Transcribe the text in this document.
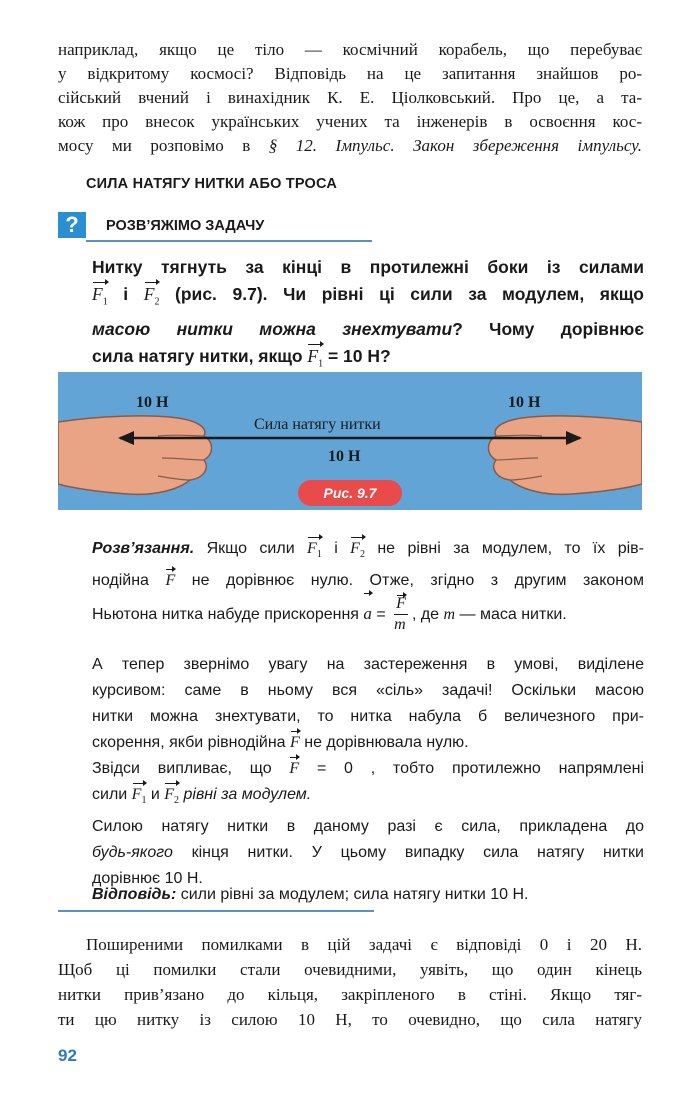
наприклад, якщо це тіло — космічний корабель, що перебуває
у відкритому космосі? Відповідь на це запитання знайшов ро-
сійський вчений і винахідник К. Е. Ціолковський. Про це, а та-
кож про внесок українських учених та інженерів в освоєння кос-
мосу ми розповімо в § 12. Імпульс. Закон збереження імпульсу.
СИЛА НАТЯГУ НИТКИ АБО ТРОСА
?	РОЗВ’ЯЖІМО ЗАДАЧУ
Нитку тягнуть за кінці в протилежні боки із силами
$F_1$ і $F_2$ (рис. 9.7). Чи рівні ці сили за модулем, якщо
масою нитки можна знехтувати? Чому дорівнює
сила натягу нитки, якщо $F_1 = 10$ Н?
10 Н	10 Н
Сила натягу нитки
10 Н
Рис. 9.7
Розв’язання. Якщо сили $F_1$ і $F_2$ не рівні за модулем, то їх рів-
нодійна F не дорівнює нулю. Отже, згідно з другим законом
Ньютона нитка набуде прискорення $a = \frac{F}{m}$ , де m — маса нитки.
А тепер звернімо увагу на застереження в умові, виділене
курсивом: саме в ньому вся «сіль» задачі! Оскільки масою
нитки можна знехтувати, то нитка набула б величезного при-
скорення, якби рівнодійна F не дорівнювала нулю.
Звідси випливає, що F = 0 , тобто протилежно напрямлені
сили $F_1$ и $F_2$ рівні за модулем.
Силою натягу нитки в даному разі є сила, прикладена до
будь-якого кінця нитки. У цьому випадку сила натягу нитки
дорівнює 10 Н.
Відповідь: сили рівні за модулем; сила натягу нитки 10 Н.
Поширеними помилками в цій задачі є відповіді 0 і 20 Н.
Щоб ці помилки стали очевидними, уявіть, що один кінець
нитки прив’язано до кільця, закріпленого в стіні. Якщо тяг-
ти цю нитку із силою 10 Н, то очевидно, що сила натягу
92
